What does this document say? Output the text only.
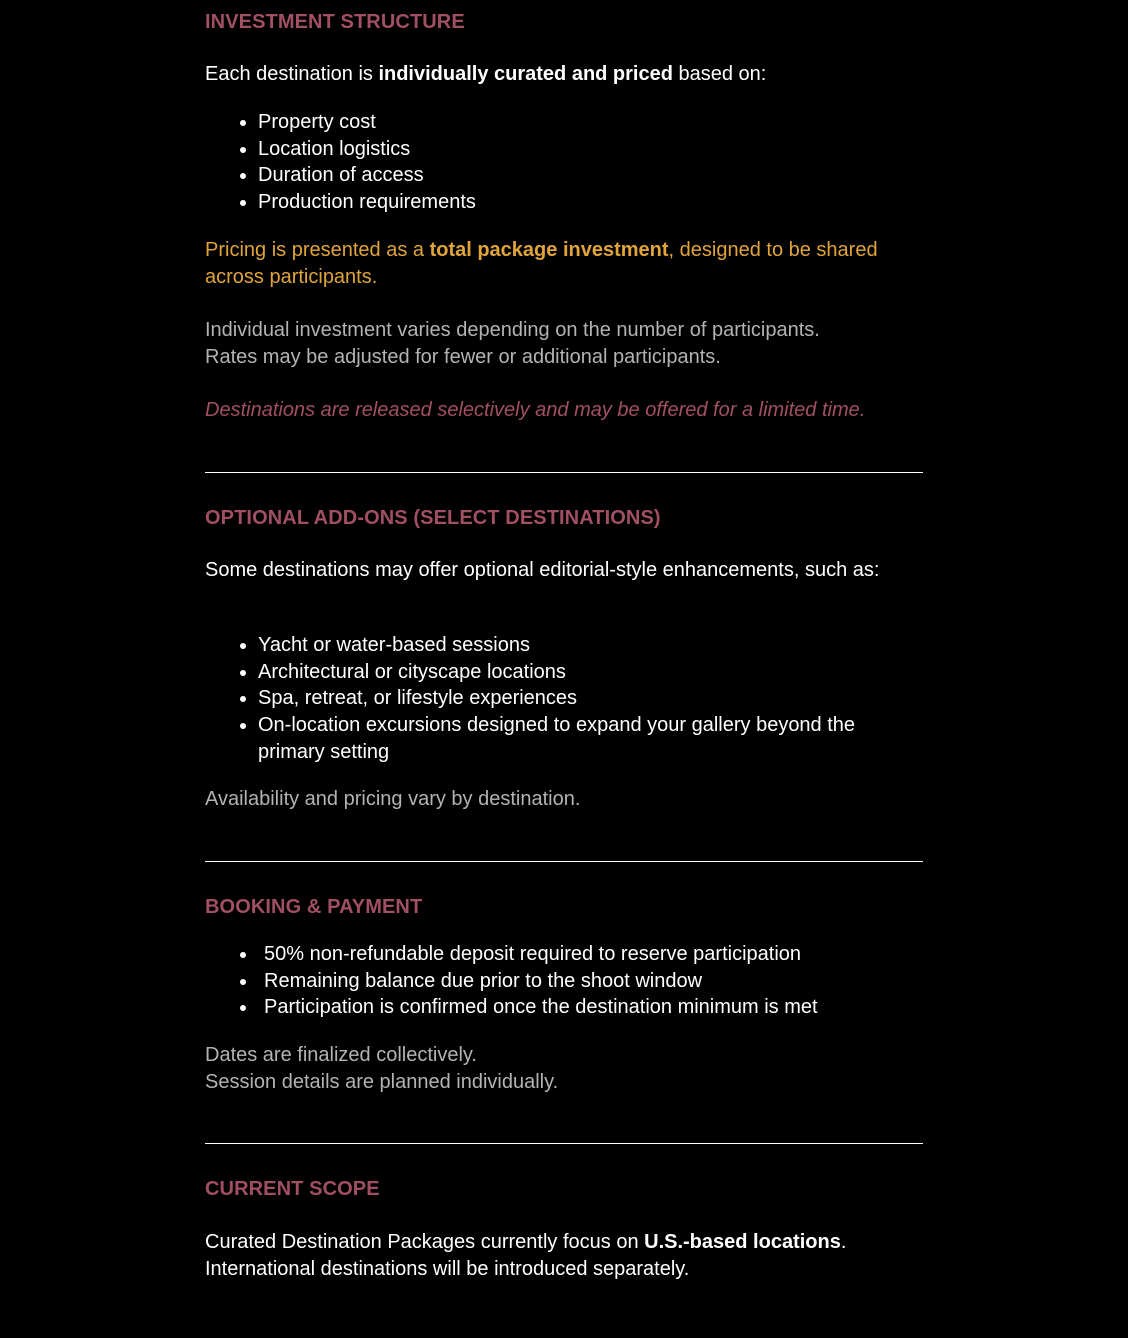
INVESTMENT STRUCTURE
Each destination is individually curated and priced based on:
Property cost
Location logistics
Duration of access
Production requirements
Pricing is presented as a total package investment, designed to be shared across participants.
Individual investment varies depending on the number of participants.
Rates may be adjusted for fewer or additional participants.
Destinations are released selectively and may be offered for a limited time.
OPTIONAL ADD-ONS (SELECT DESTINATIONS)
Some destinations may offer optional editorial-style enhancements, such as:
Yacht or water-based sessions
Architectural or cityscape locations
Spa, retreat, or lifestyle experiences
On-location excursions designed to expand your gallery beyond the primary setting
Availability and pricing vary by destination.
BOOKING & PAYMENT
50% non-refundable deposit required to reserve participation
Remaining balance due prior to the shoot window
Participation is confirmed once the destination minimum is met
Dates are finalized collectively.
Session details are planned individually.
CURRENT SCOPE
Curated Destination Packages currently focus on U.S.-based locations.
International destinations will be introduced separately.
